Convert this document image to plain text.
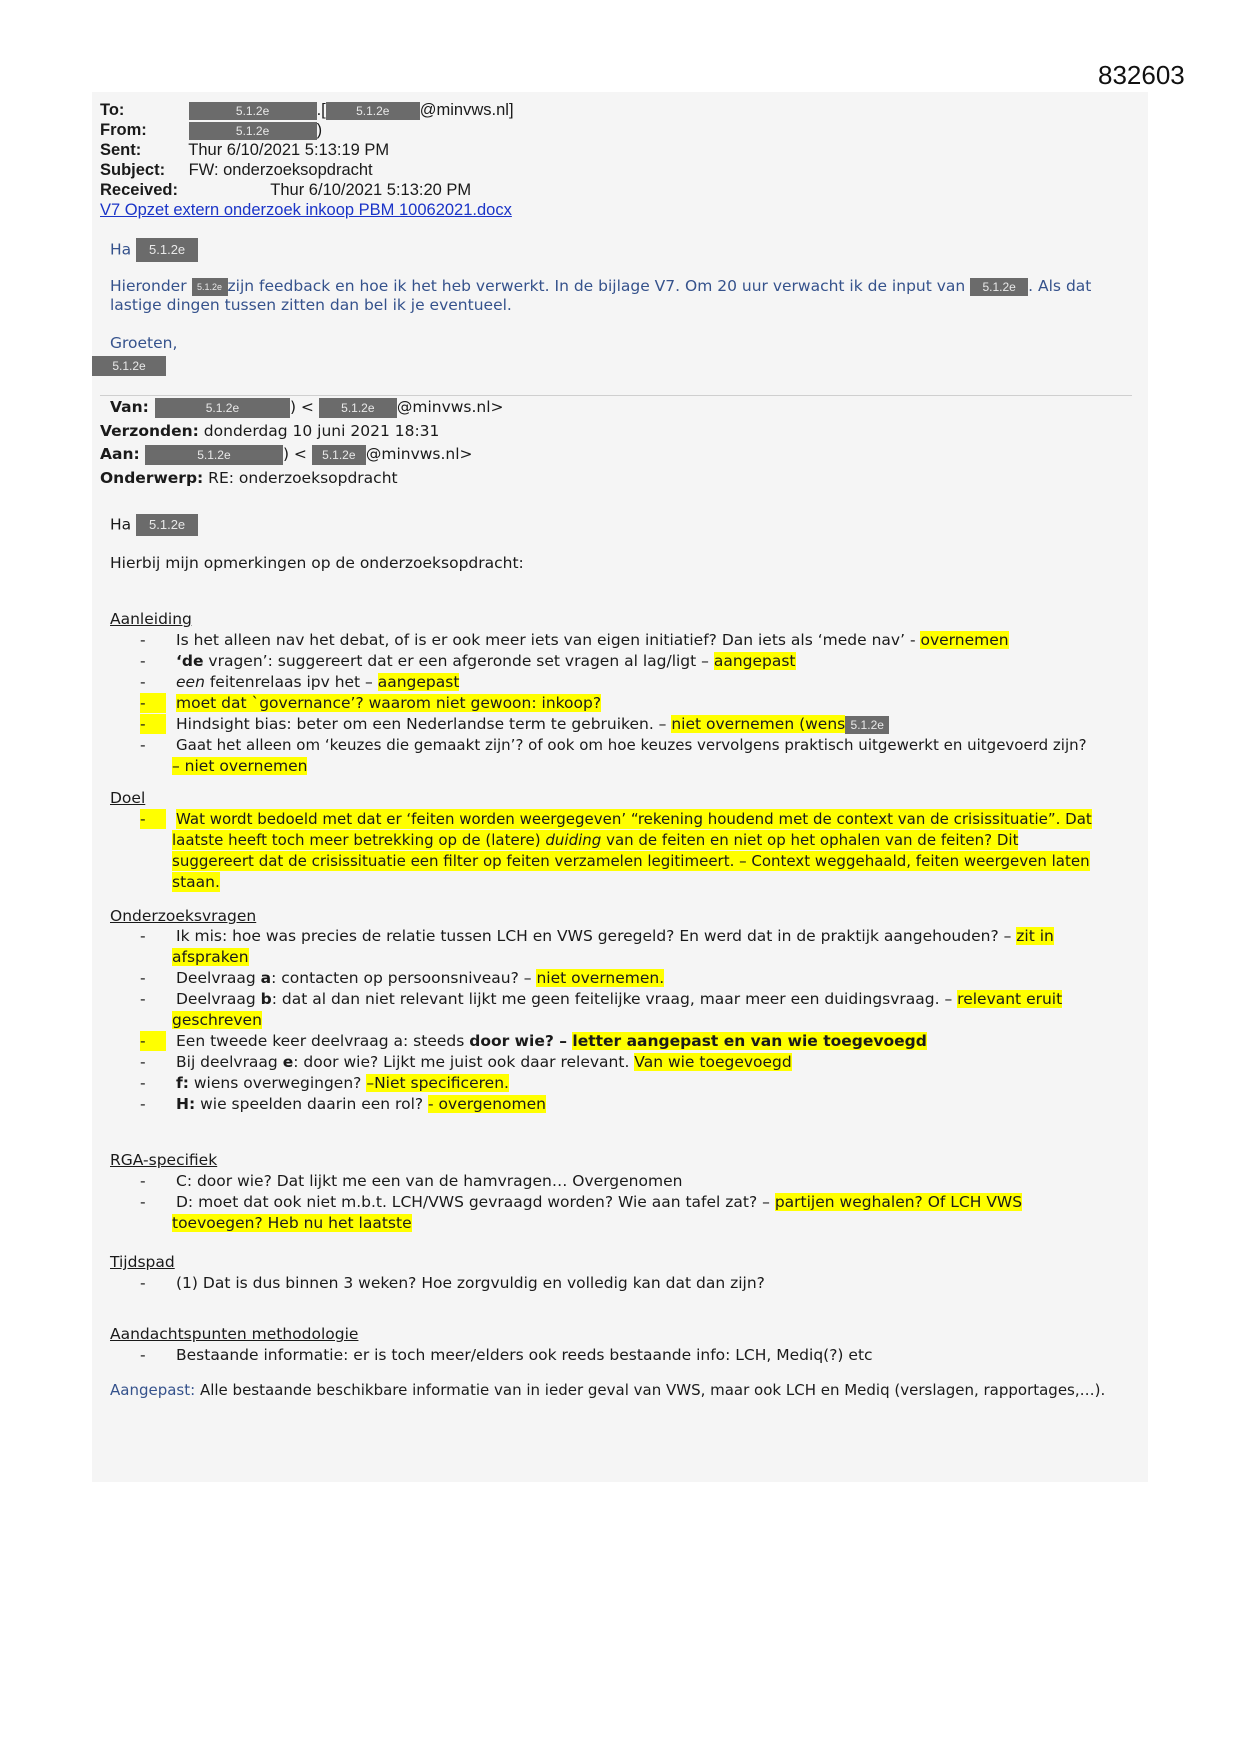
832603
To:	5.1.2e	.[	5.1.2e @minvws.nl]
From:	5.1.2e	)
Sent:	Thur 6/10/2021 5:13:19 PM
Subject: FW: onderzoeksopdracht
Received:	Thur 6/10/2021 5:13:20 PM
V7 Opzet extern onderzoek inkoop PBM 10062021.docx
Ha 5.1.2e
Hieronder 5.1.2e zijn feedback en hoe ik het heb verwerkt. In de bijlage V7. Om 20 uur verwacht ik de input van 5.1.2e . Als dat
lastige dingen tussen zitten dan bel ik je eventueel.
Groeten,
5.1.2e
Van:	5.1.2e	) < 5.1.2e @minvws.nl>
Verzonden: donderdag 10 juni 2021 18:31
Aan:	5.1.2e	) < 5.1.2e @minvws.nl>
Onderwerp: RE: onderzoeksopdracht
Ha 5.1.2e
Hierbij mijn opmerkingen op de onderzoeksopdracht:
Aanleiding
-	Is het alleen nav het debat, of is er ook meer iets van eigen initiatief? Dan iets als ‘mede nav’ - overnemen
-	‘de vragen’: suggereert dat er een afgeronde set vragen al lag/ligt – aangepast
-	een feitenrelaas ipv het – aangepast
-	moet dat `governance’? waarom niet gewoon: inkoop?
-	Hindsight bias: beter om een Nederlandse term te gebruiken. – niet overnemen (wens 5.1.2e
-	Gaat het alleen om ‘keuzes die gemaakt zijn’? of ook om hoe keuzes vervolgens praktisch uitgewerkt en uitgevoerd zijn?
– niet overnemen
Doel
-	Wat wordt bedoeld met dat er ‘feiten worden weergegeven’ “rekening houdend met de context van de crisissituatie”. Dat
laatste heeft toch meer betrekking op de (latere) duiding van de feiten en niet op het ophalen van de feiten? Dit
suggereert dat de crisissituatie een filter op feiten verzamelen legitimeert. – Context weggehaald, feiten weergeven laten
staan.
Onderzoeksvragen
-	Ik mis: hoe was precies de relatie tussen LCH en VWS geregeld? En werd dat in de praktijk aangehouden? – zit in
afspraken
-	Deelvraag a: contacten op persoonsniveau? – niet overnemen.
-	Deelvraag b: dat al dan niet relevant lijkt me geen feitelijke vraag, maar meer een duidingsvraag. – relevant eruit
geschreven
-	Een tweede keer deelvraag a: steeds door wie? – letter aangepast en van wie toegevoegd
-	Bij deelvraag e: door wie? Lijkt me juist ook daar relevant. Van wie toegevoegd
-	f: wiens overwegingen? –Niet specificeren.
-	H: wie speelden daarin een rol? - overgenomen
RGA-specifiek
-	C: door wie? Dat lijkt me een van de hamvragen… Overgenomen
-	D: moet dat ook niet m.b.t. LCH/VWS gevraagd worden? Wie aan tafel zat? – partijen weghalen? Of LCH VWS
toevoegen? Heb nu het laatste
Tijdspad
-	(1) Dat is dus binnen 3 weken? Hoe zorgvuldig en volledig kan dat dan zijn?
Aandachtspunten methodologie
-	Bestaande informatie: er is toch meer/elders ook reeds bestaande info: LCH, Mediq(?) etc
Aangepast: Alle bestaande beschikbare informatie van in ieder geval van VWS, maar ook LCH en Mediq (verslagen, rapportages,…).
